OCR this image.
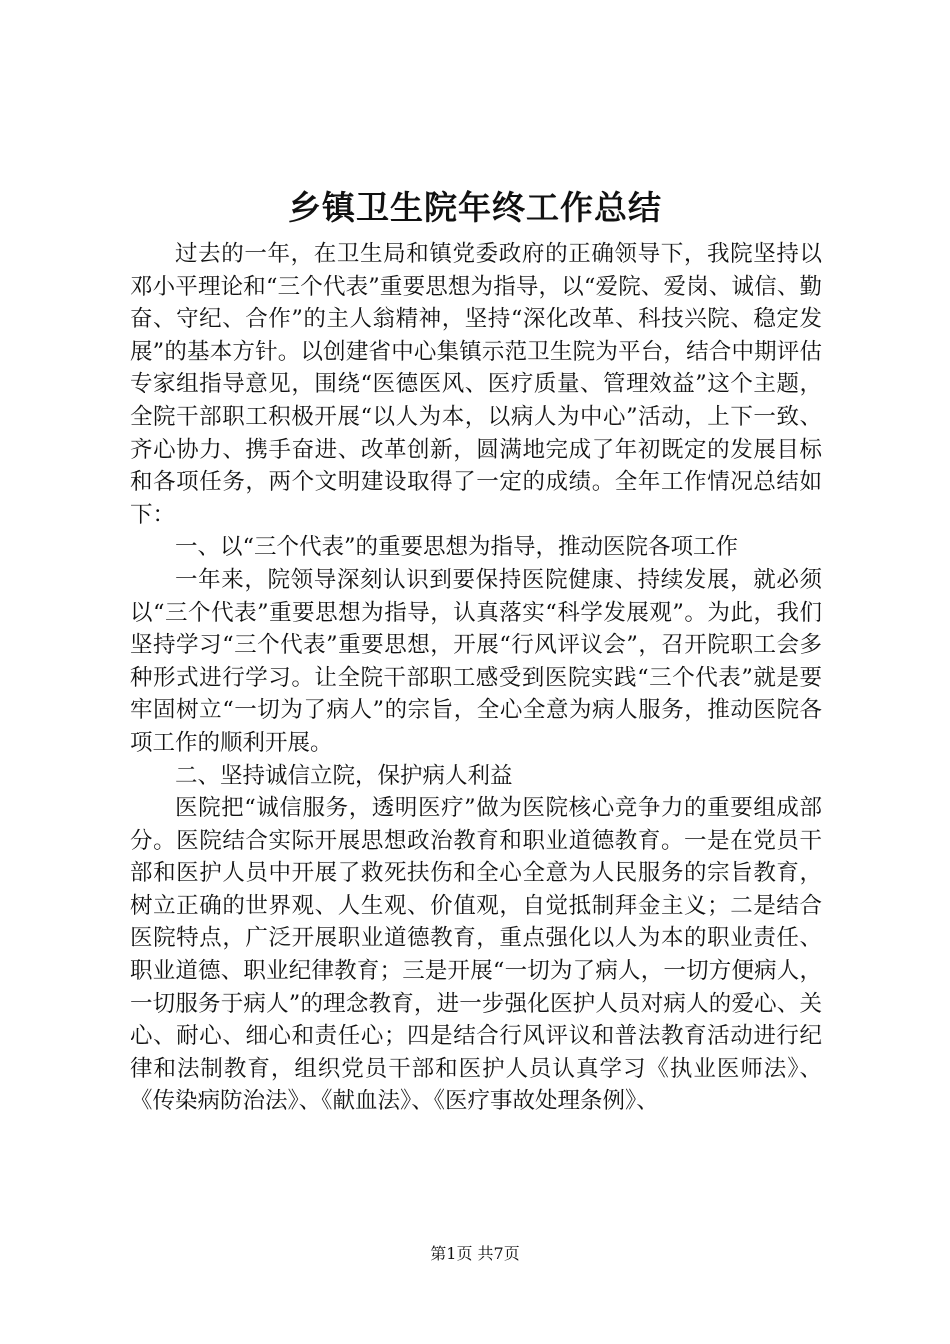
乡镇卫生院年终工作总结

过去的一年，在卫生局和镇党委政府的正确领导下，我院坚持以邓小平理论和“三个代表”重要思想为指导，以“爱院、爱岗、诚信、勤奋、守纪、合作”的主人翁精神，坚持“深化改革、科技兴院、稳定发展”的基本方针。以创建省中心集镇示范卫生院为平台，结合中期评估专家组指导意见，围绕“医德医风、医疗质量、管理效益”这个主题，全院干部职工积极开展“以人为本，以病人为中心”活动，上下一致、齐心协力、携手奋进、改革创新，圆满地完成了年初既定的发展目标和各项任务，两个文明建设取得了一定的成绩。全年工作情况总结如下：

一、以“三个代表”的重要思想为指导，推动医院各项工作

一年来，院领导深刻认识到要保持医院健康、持续发展，就必须以“三个代表”重要思想为指导，认真落实“科学发展观”。为此，我们坚持学习“三个代表”重要思想，开展“行风评议会”，召开院职工会多种形式进行学习。让全院干部职工感受到医院实践“三个代表”就是要牢固树立“一切为了病人”的宗旨，全心全意为病人服务，推动医院各项工作的顺利开展。

二、坚持诚信立院，保护病人利益

医院把“诚信服务，透明医疗”做为医院核心竞争力的重要组成部分。医院结合实际开展思想政治教育和职业道德教育。一是在党员干部和医护人员中开展了救死扶伤和全心全意为人民服务的宗旨教育，树立正确的世界观、人生观、价值观，自觉抵制拜金主义；二是结合医院特点，广泛开展职业道德教育，重点强化以人为本的职业责任、职业道德、职业纪律教育；三是开展“一切为了病人，一切方便病人，一切服务于病人”的理念教育，进一步强化医护人员对病人的爱心、关心、耐心、细心和责任心；四是结合行风评议和普法教育活动进行纪律和法制教育，组织党员干部和医护人员认真学习《执业医师法》、《传染病防治法》、《献血法》、《医疗事故处理条例》、

第1页 共7页
